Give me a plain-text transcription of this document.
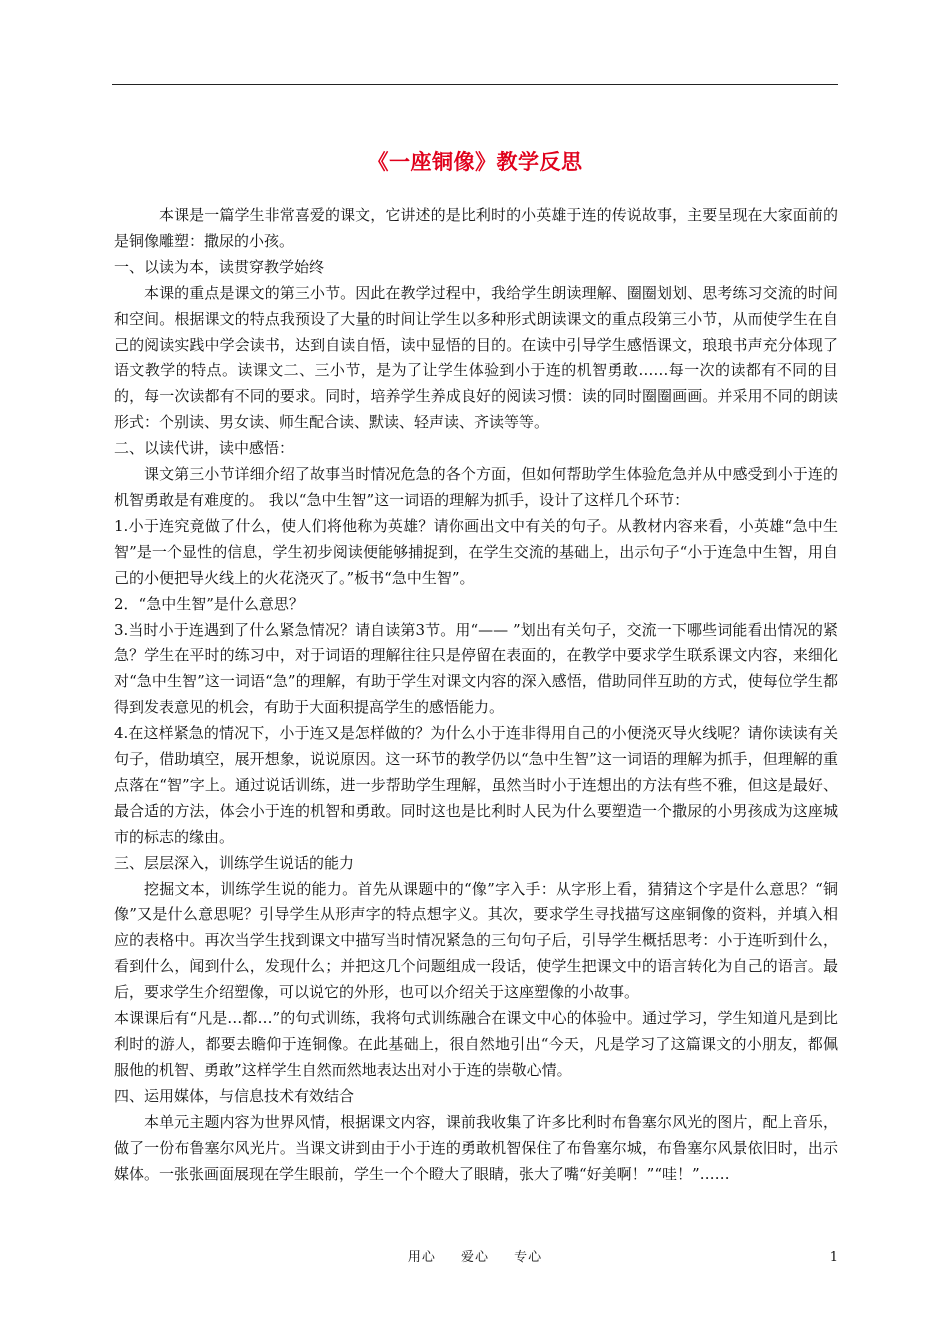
《一座铜像》教学反思

本课是一篇学生非常喜爱的课文，它讲述的是比利时的小英雄于连的传说故事，主要呈现在大家面前的是铜像雕塑：撒尿的小孩。

一、以读为本，读贯穿教学始终

本课的重点是课文的第三小节。因此在教学过程中，我给学生朗读理解、圈圈划划、思考练习交流的时间和空间。根据课文的特点我预设了大量的时间让学生以多种形式朗读课文的重点段第三小节，从而使学生在自己的阅读实践中学会读书，达到自读自悟，读中显悟的目的。在读中引导学生感悟课文，琅琅书声充分体现了语文教学的特点。读课文二、三小节，是为了让学生体验到小于连的机智勇敢……每一次的读都有不同的目的，每一次读都有不同的要求。同时，培养学生养成良好的阅读习惯：读的同时圈圈画画。并采用不同的朗读形式：个别读、男女读、师生配合读、默读、轻声读、齐读等等。

二、以读代讲，读中感悟：

课文第三小节详细介绍了故事当时情况危急的各个方面，但如何帮助学生体验危急并从中感受到小于连的机智勇敢是有难度的。 我以“急中生智”这一词语的理解为抓手，设计了这样几个环节：

1.小于连究竟做了什么，使人们将他称为英雄？请你画出文中有关的句子。从教材内容来看，小英雄“急中生智”是一个显性的信息，学生初步阅读便能够捕捉到，在学生交流的基础上，出示句子“小于连急中生智，用自己的小便把导火线上的火花浇灭了。”板书“急中生智”。

2．“急中生智”是什么意思？

3.当时小于连遇到了什么紧急情况？请自读第3节。用“—— ”划出有关句子，交流一下哪些词能看出情况的紧急？学生在平时的练习中，对于词语的理解往往只是停留在表面的，在教学中要求学生联系课文内容，来细化对“急中生智”这一词语“急”的理解，有助于学生对课文内容的深入感悟，借助同伴互助的方式，使每位学生都得到发表意见的机会，有助于大面积提高学生的感悟能力。

4.在这样紧急的情况下，小于连又是怎样做的？为什么小于连非得用自己的小便浇灭导火线呢？请你读读有关句子，借助填空，展开想象，说说原因。这一环节的教学仍以“急中生智”这一词语的理解为抓手，但理解的重点落在“智”字上。通过说话训练，进一步帮助学生理解，虽然当时小于连想出的方法有些不雅，但这是最好、最合适的方法，体会小于连的机智和勇敢。同时这也是比利时人民为什么要塑造一个撒尿的小男孩成为这座城市的标志的缘由。

三、层层深入，训练学生说话的能力

挖掘文本，训练学生说的能力。首先从课题中的“像”字入手：从字形上看，猜猜这个字是什么意思？“铜像”又是什么意思呢？引导学生从形声字的特点想字义。其次，要求学生寻找描写这座铜像的资料，并填入相应的表格中。再次当学生找到课文中描写当时情况紧急的三句句子后，引导学生概括思考：小于连听到什么，看到什么，闻到什么，发现什么；并把这几个问题组成一段话，使学生把课文中的语言转化为自己的语言。最后，要求学生介绍塑像，可以说它的外形，也可以介绍关于这座塑像的小故事。

本课课后有“凡是…都…”的句式训练，我将句式训练融合在课文中心的体验中。通过学习，学生知道凡是到比利时的游人，都要去瞻仰于连铜像。在此基础上，很自然地引出“今天，凡是学习了这篇课文的小朋友，都佩服他的机智、勇敢”这样学生自然而然地表达出对小于连的崇敬心情。

四、运用媒体，与信息技术有效结合

本单元主题内容为世界风情，根据课文内容，课前我收集了许多比利时布鲁塞尔风光的图片，配上音乐，做了一份布鲁塞尔风光片。当课文讲到由于小于连的勇敢机智保住了布鲁塞尔城，布鲁塞尔风景依旧时，出示媒体。一张张画面展现在学生眼前，学生一个个瞪大了眼睛，张大了嘴“好美啊！”“哇！”……

用心 爱心 专心	1
